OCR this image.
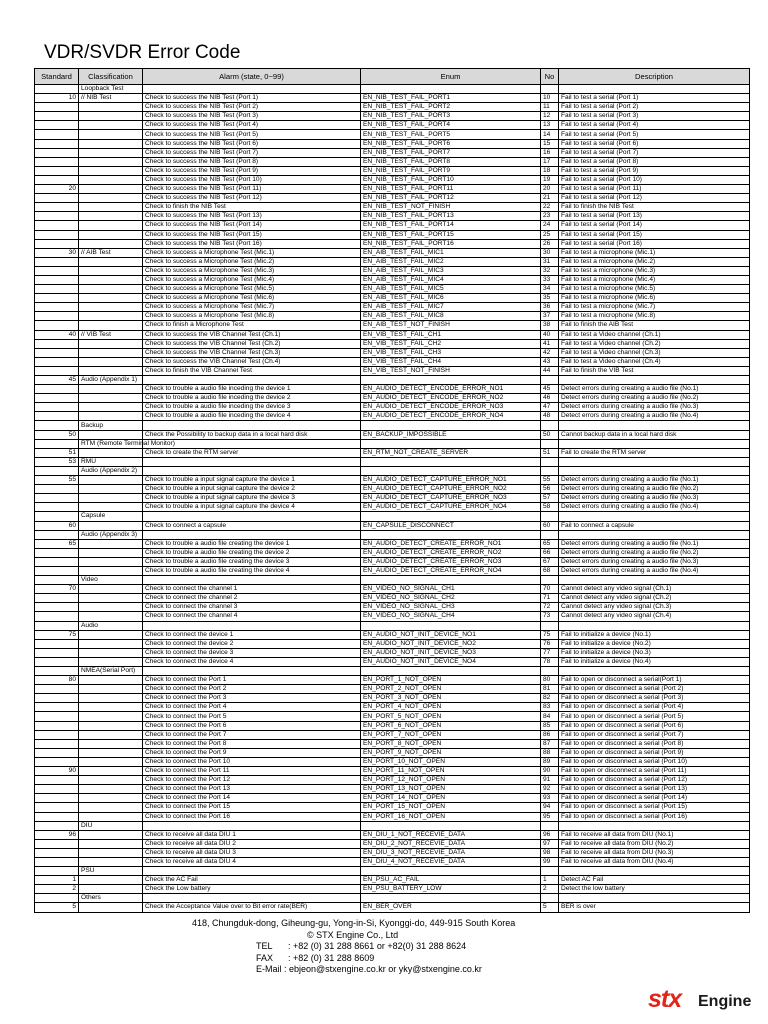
VDR/SVDR Error Code
Standard	Classification	Alarm (state, 0~99)	Enum	No	Description
	Loopback Test				
10	// NIB Test	Check to success the NIB Test (Port 1)	EN_NIB_TEST_FAIL_PORT1	10	Fail to test a serial (Port 1)
		Check to success the NIB Test (Port 2)	EN_NIB_TEST_FAIL_PORT2	11	Fail to test a serial (Port 2)
		Check to success the NIB Test (Port 3)	EN_NIB_TEST_FAIL_PORT3	12	Fail to test a serial (Port 3)
		Check to success the NIB Test (Port 4)	EN_NIB_TEST_FAIL_PORT4	13	Fail to test a serial (Port 4)
		Check to success the NIB Test (Port 5)	EN_NIB_TEST_FAIL_PORT5	14	Fail to test a serial (Port 5)
		Check to success the NIB Test (Port 6)	EN_NIB_TEST_FAIL_PORT6	15	Fail to test a serial (Port 6)
		Check to success the NIB Test (Port 7)	EN_NIB_TEST_FAIL_PORT7	16	Fail to test a serial (Port 7)
		Check to success the NIB Test (Port 8)	EN_NIB_TEST_FAIL_PORT8	17	Fail to test a serial (Port 8)
		Check to success the NIB Test (Port 9)	EN_NIB_TEST_FAIL_PORT9	18	Fail to test a serial (Port 9)
		Check to success the NIB Test (Port 10)	EN_NIB_TEST_FAIL_PORT10	19	Fail to test a serial (Port 10)
20		Check to success the NIB Test (Port 11)	EN_NIB_TEST_FAIL_PORT11	20	Fail to test a serial (Port 11)
		Check to success the NIB Test (Port 12)	EN_NIB_TEST_FAIL_PORT12	21	Fail to test a serial (Port 12)
		Check to finish the NIB Test	EN_NIB_TEST_NOT_FINISH	22	Fail to finish the NIB Test
		Check to success the NIB Test (Port 13)	EN_NIB_TEST_FAIL_PORT13	23	Fail to test a serial (Port 13)
		Check to success the NIB Test (Port 14)	EN_NIB_TEST_FAIL_PORT14	24	Fail to test a serial (Port 14)
		Check to success the NIB Test (Port 15)	EN_NIB_TEST_FAIL_PORT15	25	Fail to test a serial (Port 15)
		Check to success the NIB Test (Port 16)	EN_NIB_TEST_FAIL_PORT16	26	Fail to test a serial (Port 16)
30	// AIB Test	Check to success a Microphone Test (Mic.1)	EN_AIB_TEST_FAIL_MIC1	30	Fail to test a microphone (Mic.1)
		Check to success a Microphone Test (Mic.2)	EN_AIB_TEST_FAIL_MIC2	31	Fail to test a microphone (Mic.2)
		Check to success a Microphone Test (Mic.3)	EN_AIB_TEST_FAIL_MIC3	32	Fail to test a microphone (Mic.3)
		Check to success a Microphone Test (Mic.4)	EN_AIB_TEST_FAIL_MIC4	33	Fail to test a microphone (Mic.4)
		Check to success a Microphone Test (Mic.5)	EN_AIB_TEST_FAIL_MIC5	34	Fail to test a microphone (Mic.5)
		Check to success a Microphone Test (Mic.6)	EN_AIB_TEST_FAIL_MIC6	35	Fail to test a microphone (Mic.6)
		Check to success a Microphone Test (Mic.7)	EN_AIB_TEST_FAIL_MIC7	36	Fail to test a microphone (Mic.7)
		Check to success a Microphone Test (Mic.8)	EN_AIB_TEST_FAIL_MIC8	37	Fail to test a microphone (Mic.8)
		Check to finish a Microphone Test	EN_AIB_TEST_NOT_FINISH	38	Fail to finish the AIB Test
40	// VIB Test	Check to success the VIB Channel Test (Ch.1)	EN_VIB_TEST_FAIL_CH1	40	Fail to test a Video channel (Ch.1)
		Check to success the VIB Channel Test (Ch.2)	EN_VIB_TEST_FAIL_CH2	41	Fail to test a Video channel (Ch.2)
		Check to success the VIB Channel Test (Ch.3)	EN_VIB_TEST_FAIL_CH3	42	Fail to test a Video channel (Ch.3)
		Check to success the VIB Channel Test (Ch.4)	EN_VIB_TEST_FAIL_CH4	43	Fail to test a Video channel (Ch.4)
		Check to finish the VIB Channel Test	EN_VIB_TEST_NOT_FINISH	44	Fail to finish the VIB Test
45	Audio (Appendix 1)				
		Check to trouble a audio file inceding the device 1	EN_AUDIO_DETECT_ENCODE_ERROR_NO1	45	Detect errors during creating a audio file (No.1)
		Check to trouble a audio file inceding the device 2	EN_AUDIO_DETECT_ENCODE_ERROR_NO2	46	Detect errors during creating a audio file (No.2)
		Check to trouble a audio file inceding the device 3	EN_AUDIO_DETECT_ENCODE_ERROR_NO3	47	Detect errors during creating a audio file (No.3)
		Check to trouble a audio file inceding the device 4	EN_AUDIO_DETECT_ENCODE_ERROR_NO4	48	Detect errors during creating a audio file (No.4)
	Backup				
50		Check the Possibility to backup data in a local hard disk	EN_BACKUP_IMPOSSIBLE	50	Cannot backup data in a local hard disk
	RTM (Remote Terminal Monitor)				
51		Check to create the RTM server	EN_RTM_NOT_CREATE_SERVER	51	Fail to create the RTM server
53	RMU				
	Audio (Appendix 2)				
55		Check to trouble a input signal capture the device 1	EN_AUDIO_DETECT_CAPTURE_ERROR_NO1	55	Detect errors during creating a audio file (No.1)
		Check to trouble a input signal capture the device 2	EN_AUDIO_DETECT_CAPTURE_ERROR_NO2	56	Detect errors during creating a audio file (No.2)
		Check to trouble a input signal capture the device 3	EN_AUDIO_DETECT_CAPTURE_ERROR_NO3	57	Detect errors during creating a audio file (No.3)
		Check to trouble a input signal capture the device 4	EN_AUDIO_DETECT_CAPTURE_ERROR_NO4	58	Detect errors during creating a audio file (No.4)
	Capsule				
60		Check to connect a capsule	EN_CAPSULE_DISCONNECT	60	Fail to connect a capsule
	Audio (Appendix 3)				
65		Check to trouble a audio file creating the device 1	EN_AUDIO_DETECT_CREATE_ERROR_NO1	65	Detect errors during creating a audio file (No.1)
		Check to trouble a audio file creating the device 2	EN_AUDIO_DETECT_CREATE_ERROR_NO2	66	Detect errors during creating a audio file (No.2)
		Check to trouble a audio file creating the device 3	EN_AUDIO_DETECT_CREATE_ERROR_NO3	67	Detect errors during creating a audio file (No.3)
		Check to trouble a audio file creating the device 4	EN_AUDIO_DETECT_CREATE_ERROR_NO4	68	Detect errors during creating a audio file (No.4)
	Video				
70		Check to connect the channel 1	EN_VIDEO_NO_SIGNAL_CH1	70	Cannot detect any video signal (Ch.1)
		Check to connect the channel 2	EN_VIDEO_NO_SIGNAL_CH2	71	Cannot detect any video signal (Ch.2)
		Check to connect the channel 3	EN_VIDEO_NO_SIGNAL_CH3	72	Cannot detect any video signal (Ch.3)
		Check to connect the channel 4	EN_VIDEO_NO_SIGNAL_CH4	73	Cannot detect any video signal (Ch.4)
	Audio				
75		Check to connect the device 1	EN_AUDIO_NOT_INIT_DEVICE_NO1	75	Fail to initialize a device (No.1)
		Check to connect the device 2	EN_AUDIO_NOT_INIT_DEVICE_NO2	76	Fail to initialize a device (No.2)
		Check to connect the device 3	EN_AUDIO_NOT_INIT_DEVICE_NO3	77	Fail to initialize a device (No.3)
		Check to connect the device 4	EN_AUDIO_NOT_INIT_DEVICE_NO4	78	Fail to initialize a device (No.4)
	NMEA(Serial Port)				
80		Check to connect the Port 1	EN_PORT_1_NOT_OPEN	80	Fail to open or disconnect a serial(Port 1)
		Check to connect the Port 2	EN_PORT_2_NOT_OPEN	81	Fail to open or disconnect a serial (Port 2)
		Check to connect the Port 3	EN_PORT_3_NOT_OPEN	82	Fail to open or disconnect a serial (Port 3)
		Check to connect the Port 4	EN_PORT_4_NOT_OPEN	83	Fail to open or disconnect a serial (Port 4)
		Check to connect the Port 5	EN_PORT_5_NOT_OPEN	84	Fail to open or disconnect a serial (Port 5)
		Check to connect the Port 6	EN_PORT_6_NOT_OPEN	85	Fail to open or disconnect a serial (Port 6)
		Check to connect the Port 7	EN_PORT_7_NOT_OPEN	86	Fail to open or disconnect a serial (Port 7)
		Check to connect the Port 8	EN_PORT_8_NOT_OPEN	87	Fail to open or disconnect a serial (Port 8)
		Check to connect the Port 9	EN_PORT_9_NOT_OPEN	88	Fail to open or disconnect a serial (Port 9)
		Check to connect the Port 10	EN_PORT_10_NOT_OPEN	89	Fail to open or disconnect a serial (Port 10)
90		Check to connect the Port 11	EN_PORT_11_NOT_OPEN	90	Fail to open or disconnect a serial (Port 11)
		Check to connect the Port 12	EN_PORT_12_NOT_OPEN	91	Fail to open or disconnect a serial (Port 12)
		Check to connect the Port 13	EN_PORT_13_NOT_OPEN	92	Fail to open or disconnect a serial (Port 13)
		Check to connect the Port 14	EN_PORT_14_NOT_OPEN	93	Fail to open or disconnect a serial (Port 14)
		Check to connect the Port 15	EN_PORT_15_NOT_OPEN	94	Fail to open or disconnect a serial (Port 15)
		Check to connect the Port 16	EN_PORT_16_NOT_OPEN	95	Fail to open or disconnect a serial (Port 16)
	DIU				
96		Check to receive all data DIU 1	EN_DIU_1_NOT_RECEVIE_DATA	96	Fail to receive all data from DIU (No.1)
		Check to receive all data DIU 2	EN_DIU_2_NOT_RECEVIE_DATA	97	Fail to receive all data from DIU (No.2)
		Check to receive all data DIU 3	EN_DIU_3_NOT_RECEVIE_DATA	98	Fail to receive all data from DIU (No.3)
		Check to receive all data DIU 4	EN_DIU_4_NOT_RECEVIE_DATA	99	Fail to receive all data from DIU (No.4)
	PSU				
1		Check the AC Fail	EN_PSU_AC_FAIL	1	Detect AC Fail
2		Check the Low battery	EN_PSU_BATTERY_LOW	2	Detect the low battery
	Others				
5		Check the Acceptance Value over to Bit error rate(BER)	EN_BER_OVER	5	BER is over
418, Chungduk-dong, Giheung-gu, Yong-in-Si, Kyonggi-do, 449-915 South Korea
© STX Engine Co., Ltd
TEL : +82 (0) 31 288 8661 or +82(0) 31 288 8624
FAX : +82 (0) 31 288 8609
E-Mail : ebjeon@stxengine.co.kr or yky@stxengine.co.kr
stx Engine
